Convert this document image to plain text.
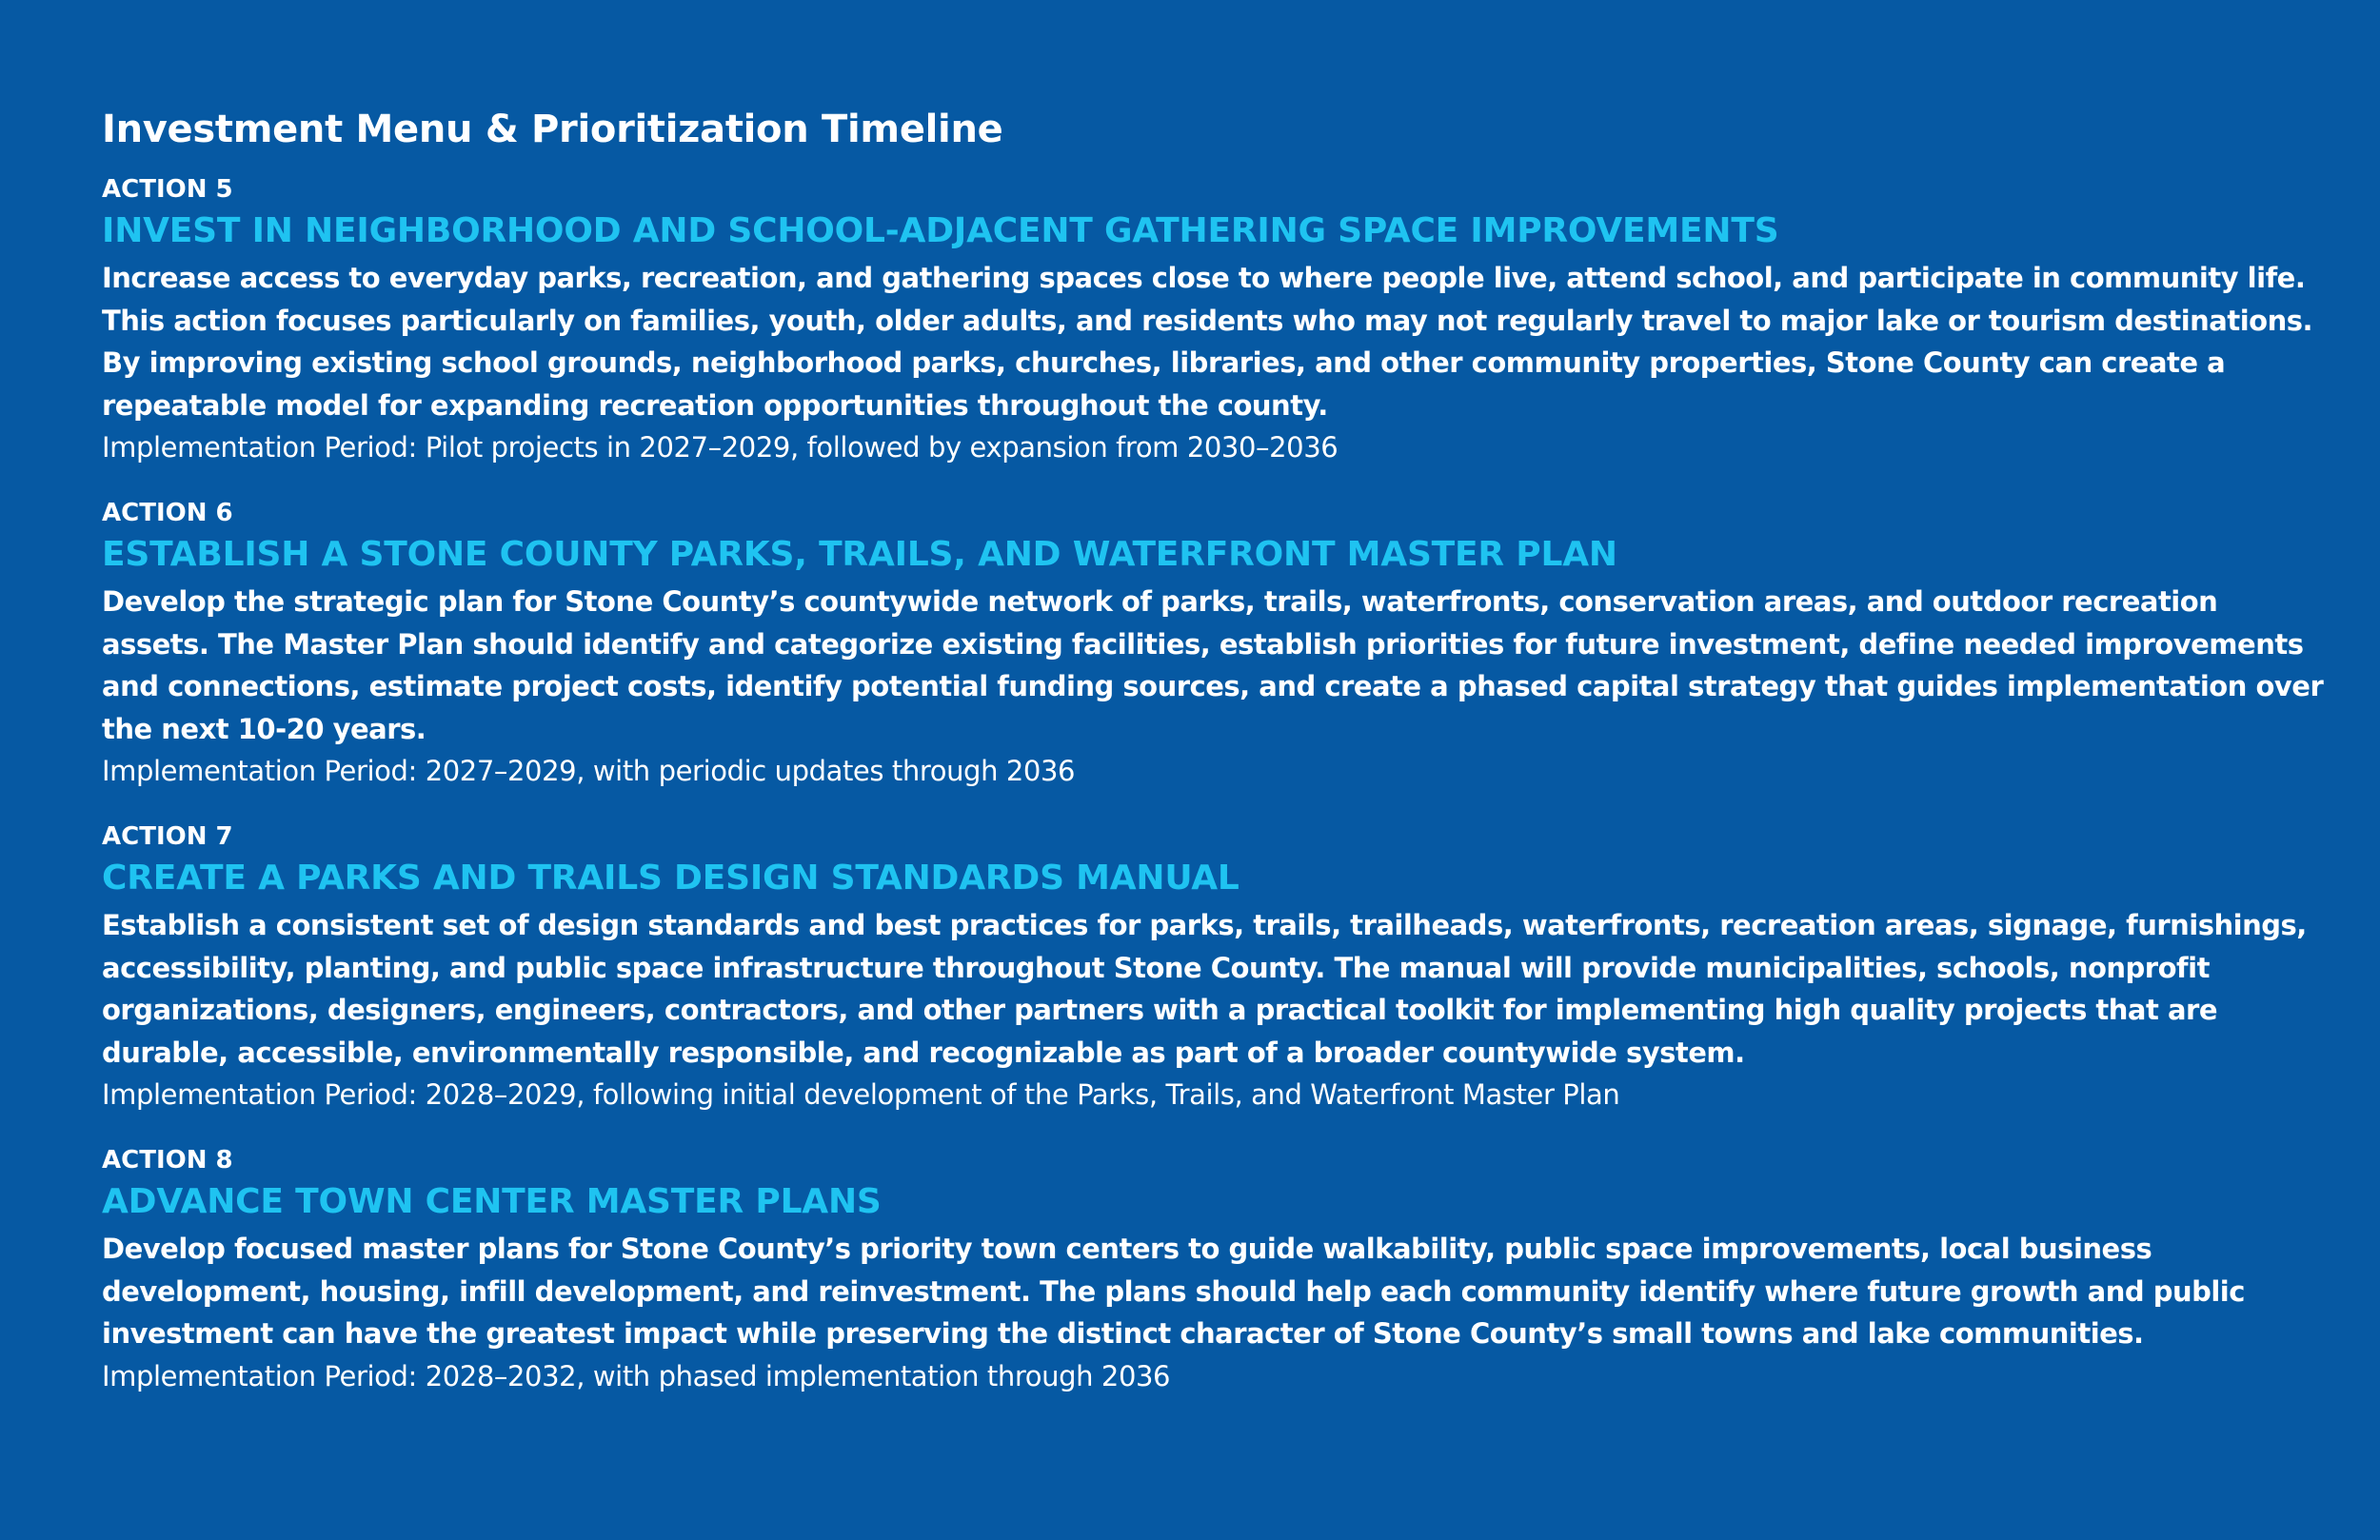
Investment Menu & Prioritization Timeline
ACTION 5
INVEST IN NEIGHBORHOOD AND SCHOOL-ADJACENT GATHERING SPACE IMPROVEMENTS
Increase access to everyday parks, recreation, and gathering spaces close to where people live, attend school, and participate in community life. This action focuses particularly on families, youth, older adults, and residents who may not regularly travel to major lake or tourism destinations. By improving existing school grounds, neighborhood parks, churches, libraries, and other community properties, Stone County can create a repeatable model for expanding recreation opportunities throughout the county.
Implementation Period: Pilot projects in 2027–2029, followed by expansion from 2030–2036
ACTION 6
ESTABLISH A STONE COUNTY PARKS, TRAILS, AND WATERFRONT MASTER PLAN
Develop the strategic plan for Stone County’s countywide network of parks, trails, waterfronts, conservation areas, and outdoor recreation assets. The Master Plan should identify and categorize existing facilities, establish priorities for future investment, define needed improvements and connections, estimate project costs, identify potential funding sources, and create a phased capital strategy that guides implementation over the next 10-20 years.
Implementation Period: 2027–2029, with periodic updates through 2036
ACTION 7
CREATE A PARKS AND TRAILS DESIGN STANDARDS MANUAL
Establish a consistent set of design standards and best practices for parks, trails, trailheads, waterfronts, recreation areas, signage, furnishings, accessibility, planting, and public space infrastructure throughout Stone County. The manual will provide municipalities, schools, nonprofit organizations, designers, engineers, contractors, and other partners with a practical toolkit for implementing high quality projects that are durable, accessible, environmentally responsible, and recognizable as part of a broader countywide system.
Implementation Period: 2028–2029, following initial development of the Parks, Trails, and Waterfront Master Plan
ACTION 8
ADVANCE TOWN CENTER MASTER PLANS
Develop focused master plans for Stone County’s priority town centers to guide walkability, public space improvements, local business development, housing, infill development, and reinvestment. The plans should help each community identify where future growth and public investment can have the greatest impact while preserving the distinct character of Stone County’s small towns and lake communities.
Implementation Period: 2028–2032, with phased implementation through 2036
